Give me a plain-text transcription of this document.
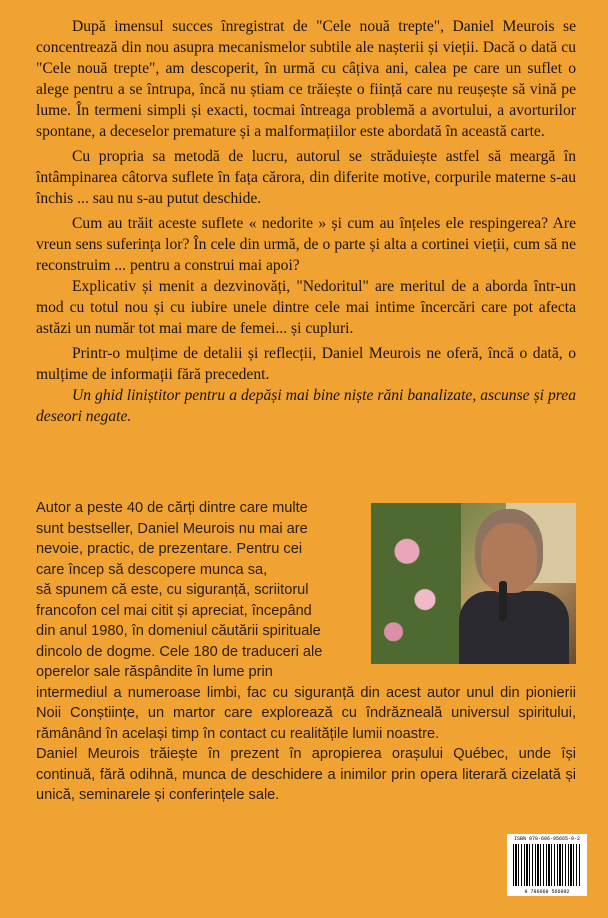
După imensul succes înregistrat de "Cele nouă trepte", Daniel Meurois se concentrează din nou asupra mecanismelor subtile ale nașterii și vieții. Dacă o dată cu "Cele nouă trepte", am descoperit, în urmă cu câțiva ani, calea pe care un suflet o alege pentru a se întrupa, încă nu știam ce trăiește o ființă care nu reușește să vină pe lume. În termeni simpli și exacti, tocmai întreaga problemă a avortului, a avorturilor spontane, a deceselor premature și a malformațiilor este abordată în această carte.

Cu propria sa metodă de lucru, autorul se străduiește astfel să meargă în întâmpinarea câtorva suflete în fața cărora, din diferite motive, corpurile materne s-au închis ... sau nu s-au putut deschide.

Cum au trăit aceste suflete « nedorite » și cum au înțeles ele respingerea? Are vreun sens suferința lor? În cele din urmă, de o parte și alta a cortinei vieții, cum să ne reconstruim ... pentru a construi mai apoi?

Explicativ și menit a dezvinovăți, "Nedoritul" are meritul de a aborda într-un mod cu totul nou și cu iubire unele dintre cele mai intime încercări care pot afecta astăzi un număr tot mai mare de femei... și cupluri.

Printr-o mulțime de detalii și reflecții, Daniel Meurois ne oferă, încă o dată, o mulțime de informații fără precedent.

Un ghid liniștitor pentru a depăși mai bine niște răni banalizate, ascunse și prea deseori negate.

Autor a peste 40 de cărți dintre care multe
sunt bestseller, Daniel Meurois nu mai are
nevoie, practic, de prezentare. Pentru cei
care încep să descopere munca sa,
să spunem că este, cu siguranță, scriitorul
francofon cel mai citit și apreciat, începând
din anul 1980, în domeniul căutării spirituale
dincolo de dogme. Cele 180 de traduceri ale
operelor sale răspândite în lume prin

intermediul a numeroase limbi, fac cu siguranță din acest autor unul din pionierii Noii Conștiințe, un martor care explorează cu îndrăzneală universul spiritului, rămânând în același timp în contact cu realitățile lumii noastre.

Daniel Meurois trăiește în prezent în apropierea orașului Québec, unde își continuă, fără odihnă, munca de deschidere a inimilor prin opera literară cizelată și unică, seminarele și conferințele sale.

ISBN 978-606-95665-9-2
9 786069 566992
